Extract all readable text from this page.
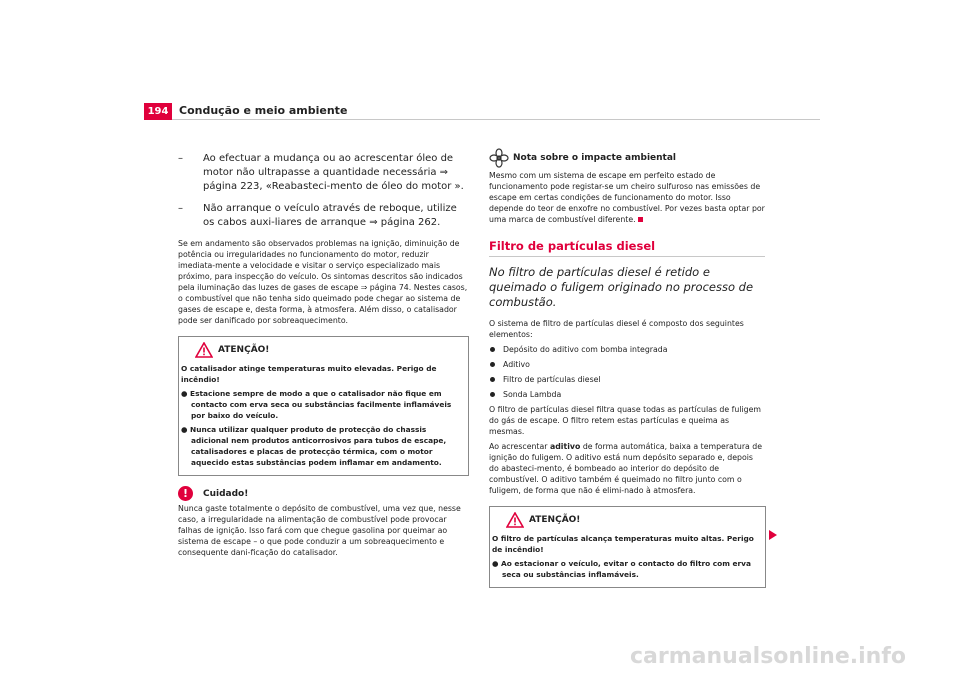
194 Condução e meio ambiente
– Ao efectuar a mudança ou ao acrescentar óleo de motor não ultrapasse a quantidade necessária ⇒ página 223, «Reabasteci-mento de óleo do motor ».
– Não arranque o veículo através de reboque, utilize os cabos auxi-liares de arranque ⇒ página 262.

Se em andamento são observados problemas na ignição, diminuição de potência ou irregularidades no funcionamento do motor, reduzir imediata-mente a velocidade e visitar o serviço especializado mais próximo, para inspecção do veículo. Os sintomas descritos são indicados pela iluminação das luzes de gases de escape ⇒ página 74. Nestes casos, o combustível que não tenha sido queimado pode chegar ao sistema de gases de escape e, desta forma, à atmosfera. Além disso, o catalisador pode ser danificado por sobreaquecimento.

ATENÇÃO!
O catalisador atinge temperaturas muito elevadas. Perigo de incêndio!
● Estacione sempre de modo a que o catalisador não fique em contacto com erva seca ou substâncias facilmente inflamáveis por baixo do veículo.
● Nunca utilizar qualquer produto de protecção do chassis adicional nem produtos anticorrosivos para tubos de escape, catalisadores e placas de protecção térmica, com o motor aquecido estas substâncias podem inflamar em andamento.
!	Cuidado!

Nunca gaste totalmente o depósito de combustível, uma vez que, nesse caso, a irregularidade na alimentação de combustível pode provocar falhas de ignição. Isso fará com que chegue gasolina por queimar ao sistema de escape – o que pode conduzir a um sobreaquecimento e consequente dani-ficação do catalisador.

Nota sobre o impacte ambiental

Mesmo com um sistema de escape em perfeito estado de funcionamento pode registar-se um cheiro sulfuroso nas emissões de escape em certas condições de funcionamento do motor. Isso depende do teor de enxofre no combustível. Por vezes basta optar por uma marca de combustível diferente.

Filtro de partículas diesel
No filtro de partículas diesel é retido e queimado o fuligem originado no processo de combustão.

O sistema de filtro de partículas diesel é composto dos seguintes elementos:

Depósito do aditivo com bomba integrada
Aditivo
Filtro de partículas diesel
Sonda Lambda

O filtro de partículas diesel filtra quase todas as partículas de fuligem do gás de escape. O filtro retem estas partículas e queima as mesmas.

Ao acrescentar aditivo de forma automática, baixa a temperatura de ignição do fuligem. O aditivo está num depósito separado e, depois do abasteci-mento, é bombeado ao interior do depósito de combustível. O aditivo também é queimado no filtro junto com o fuligem, de forma que não é elimi-nado à atmosfera.

ATENÇÃO!
O filtro de partículas alcança temperaturas muito altas. Perigo de incêndio!
● Ao estacionar o veículo, evitar o contacto do filtro com erva seca ou substâncias inflamáveis.
carmanualsonline.info
